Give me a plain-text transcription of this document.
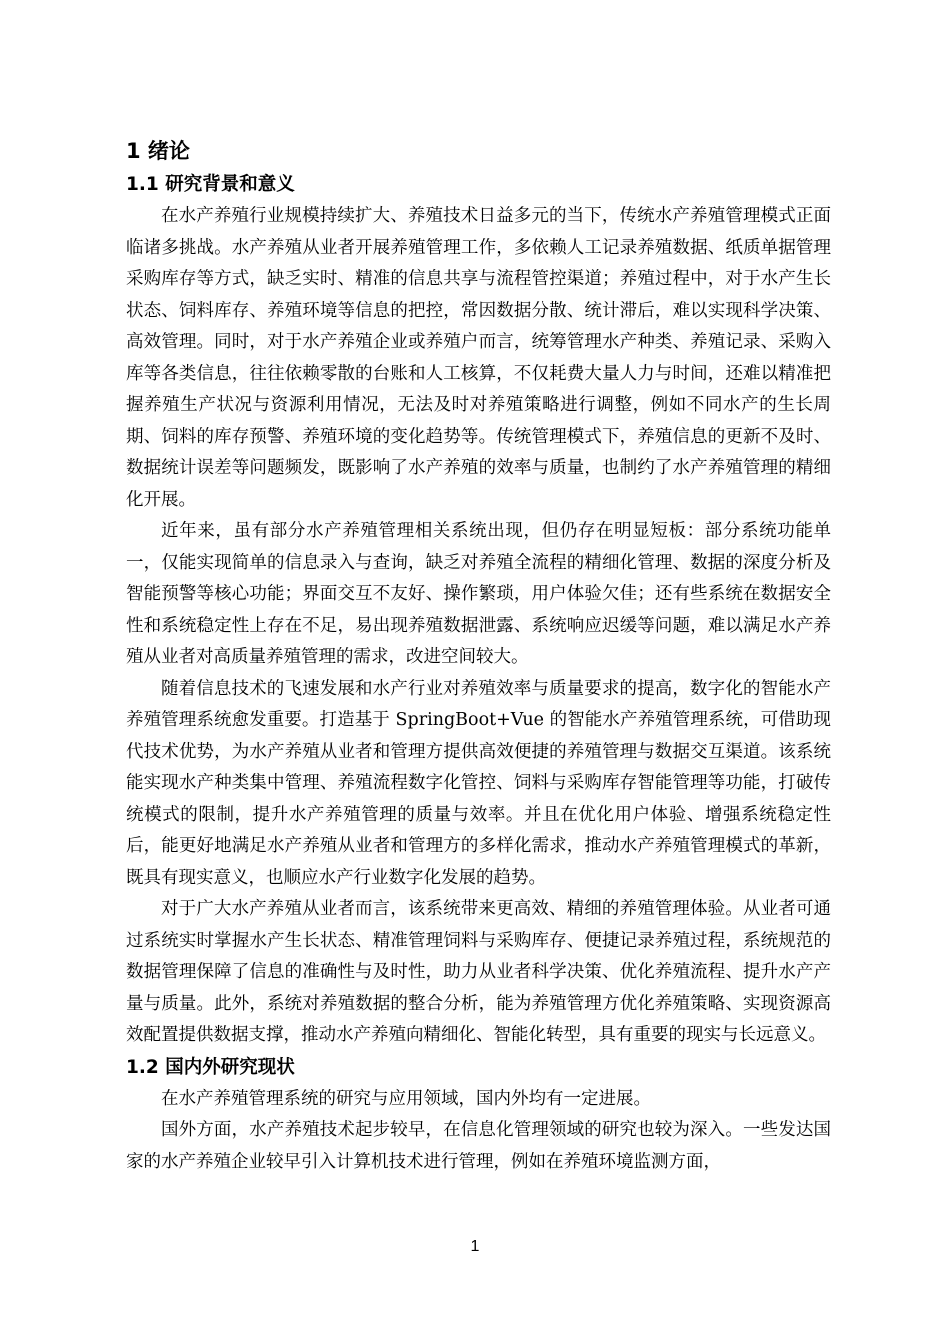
1 绪论
1.1 研究背景和意义

在水产养殖行业规模持续扩大、养殖技术日益多元的当下，传统水产养殖管理模式正面临诸多挑战。水产养殖从业者开展养殖管理工作，多依赖人工记录养殖数据、纸质单据管理采购库存等方式，缺乏实时、精准的信息共享与流程管控渠道；养殖过程中，对于水产生长状态、饲料库存、养殖环境等信息的把控，常因数据分散、统计滞后，难以实现科学决策、高效管理。同时，对于水产养殖企业或养殖户而言，统筹管理水产种类、养殖记录、采购入库等各类信息，往往依赖零散的台账和人工核算，不仅耗费大量人力与时间，还难以精准把握养殖生产状况与资源利用情况，无法及时对养殖策略进行调整，例如不同水产的生长周期、饲料的库存预警、养殖环境的变化趋势等。传统管理模式下，养殖信息的更新不及时、数据统计误差等问题频发，既影响了水产养殖的效率与质量，也制约了水产养殖管理的精细化开展。

近年来，虽有部分水产养殖管理相关系统出现，但仍存在明显短板：部分系统功能单一，仅能实现简单的信息录入与查询，缺乏对养殖全流程的精细化管理、数据的深度分析及智能预警等核心功能；界面交互不友好、操作繁琐，用户体验欠佳；还有些系统在数据安全性和系统稳定性上存在不足，易出现养殖数据泄露、系统响应迟缓等问题，难以满足水产养殖从业者对高质量养殖管理的需求，改进空间较大。

随着信息技术的飞速发展和水产行业对养殖效率与质量要求的提高，数字化的智能水产养殖管理系统愈发重要。打造基于 SpringBoot+Vue 的智能水产养殖管理系统，可借助现代技术优势，为水产养殖从业者和管理方提供高效便捷的养殖管理与数据交互渠道。该系统能实现水产种类集中管理、养殖流程数字化管控、饲料与采购库存智能管理等功能，打破传统模式的限制，提升水产养殖管理的质量与效率。并且在优化用户体验、增强系统稳定性后，能更好地满足水产养殖从业者和管理方的多样化需求，推动水产养殖管理模式的革新，既具有现实意义，也顺应水产行业数字化发展的趋势。

对于广大水产养殖从业者而言，该系统带来更高效、精细的养殖管理体验。从业者可通过系统实时掌握水产生长状态、精准管理饲料与采购库存、便捷记录养殖过程，系统规范的数据管理保障了信息的准确性与及时性，助力从业者科学决策、优化养殖流程、提升水产产量与质量。此外，系统对养殖数据的整合分析，能为养殖管理方优化养殖策略、实现资源高效配置提供数据支撑，推动水产养殖向精细化、智能化转型，具有重要的现实与长远意义。

1.2 国内外研究现状

在水产养殖管理系统的研究与应用领域，国内外均有一定进展。

国外方面，水产养殖技术起步较早，在信息化管理领域的研究也较为深入。一些发达国家的水产养殖企业较早引入计算机技术进行管理，例如在养殖环境监测方面，

1
